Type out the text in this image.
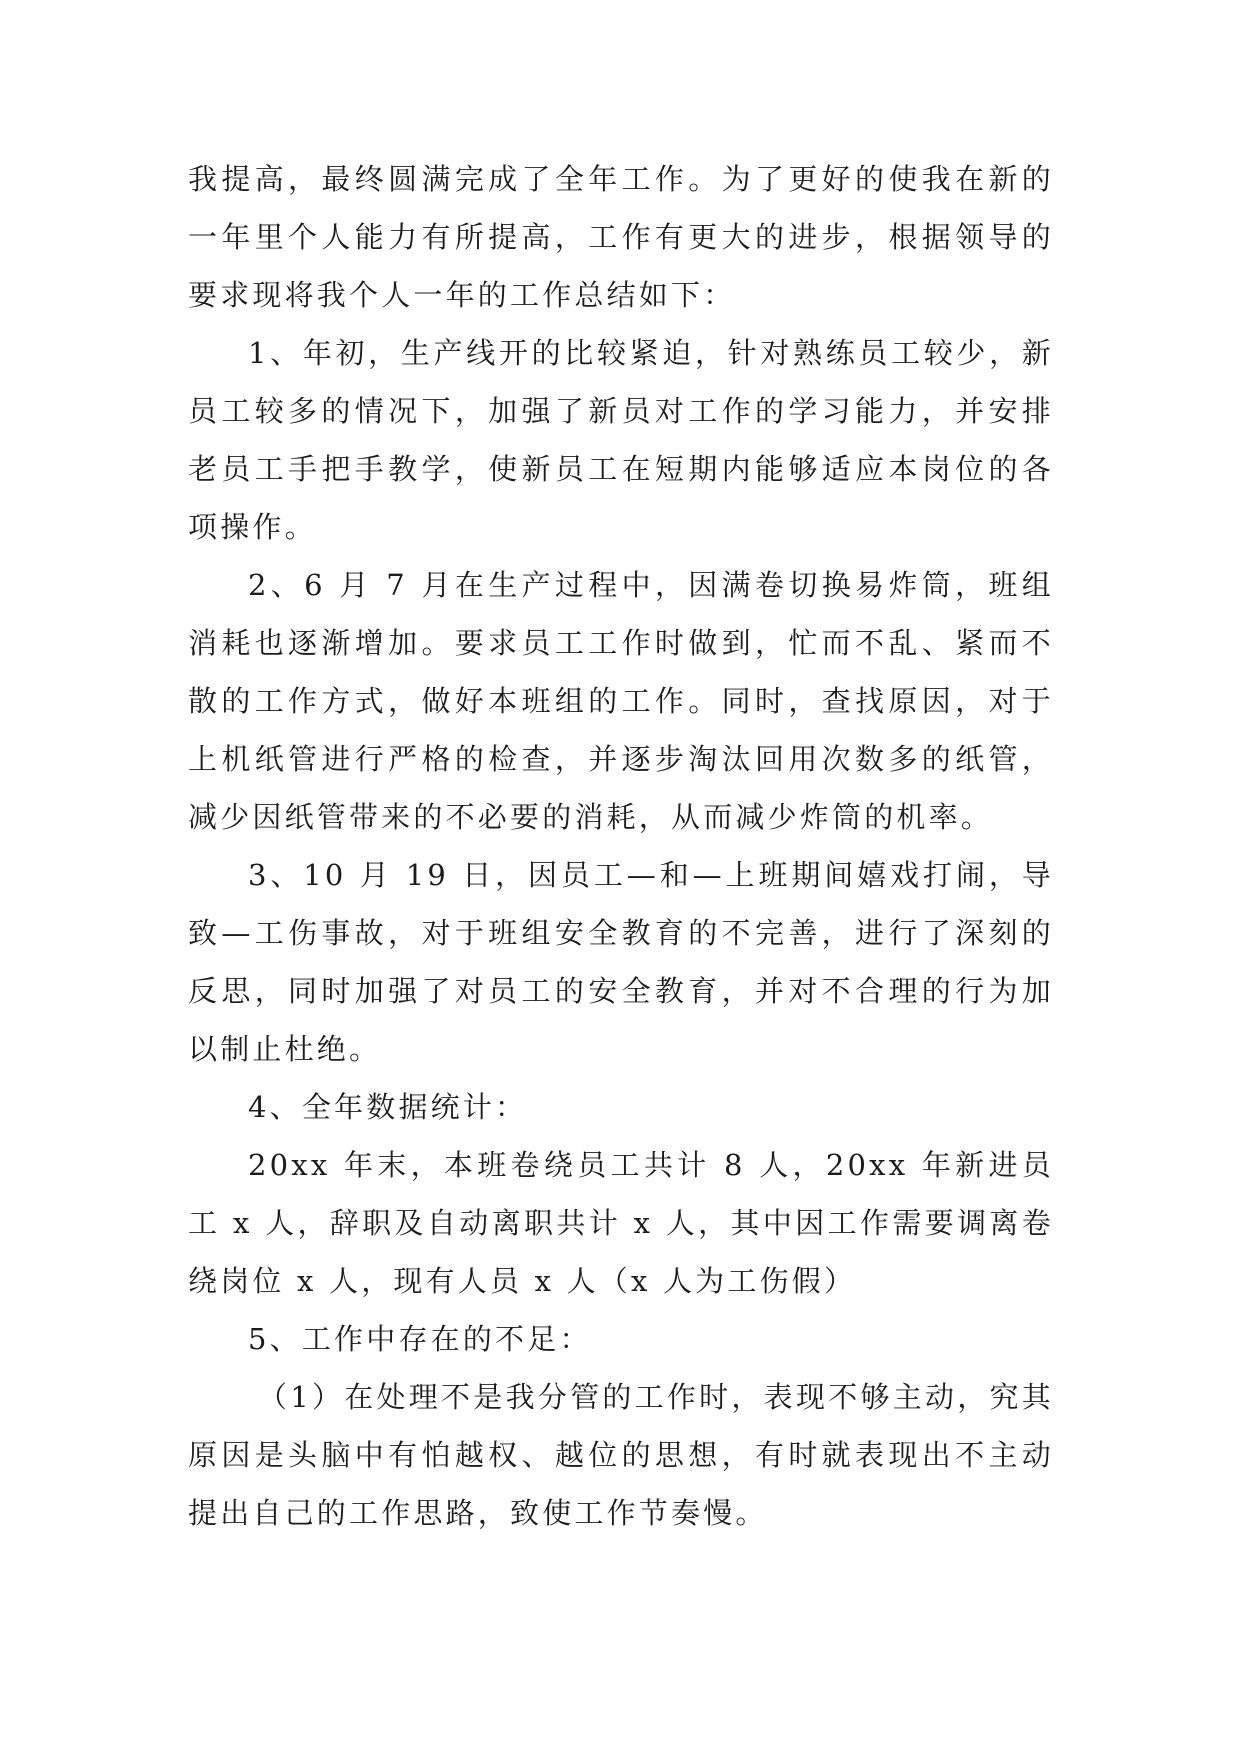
我提高，最终圆满完成了全年工作。为了更好的使我在新的一年里个人能力有所提高，工作有更大的进步，根据领导的要求现将我个人一年的工作总结如下：

1、年初，生产线开的比较紧迫，针对熟练员工较少，新员工较多的情况下，加强了新员对工作的学习能力，并安排老员工手把手教学，使新员工在短期内能够适应本岗位的各项操作。

2、6 月 7 月在生产过程中，因满卷切换易炸筒，班组消耗也逐渐增加。要求员工工作时做到，忙而不乱、紧而不散的工作方式，做好本班组的工作。同时，查找原因，对于上机纸管进行严格的检查，并逐步淘汰回用次数多的纸管，减少因纸管带来的不必要的消耗，从而减少炸筒的机率。

3、10 月 19 日，因员工—和—上班期间嬉戏打闹，导致—工伤事故，对于班组安全教育的不完善，进行了深刻的反思，同时加强了对员工的安全教育，并对不合理的行为加以制止杜绝。

4、全年数据统计：

20xx 年末，本班卷绕员工共计 8 人，20xx 年新进员工 x 人，辞职及自动离职共计 x 人，其中因工作需要调离卷绕岗位 x 人，现有人员 x 人（x 人为工伤假）

5、工作中存在的不足：

（1）在处理不是我分管的工作时，表现不够主动，究其原因是头脑中有怕越权、越位的思想，有时就表现出不主动提出自己的工作思路，致使工作节奏慢。
